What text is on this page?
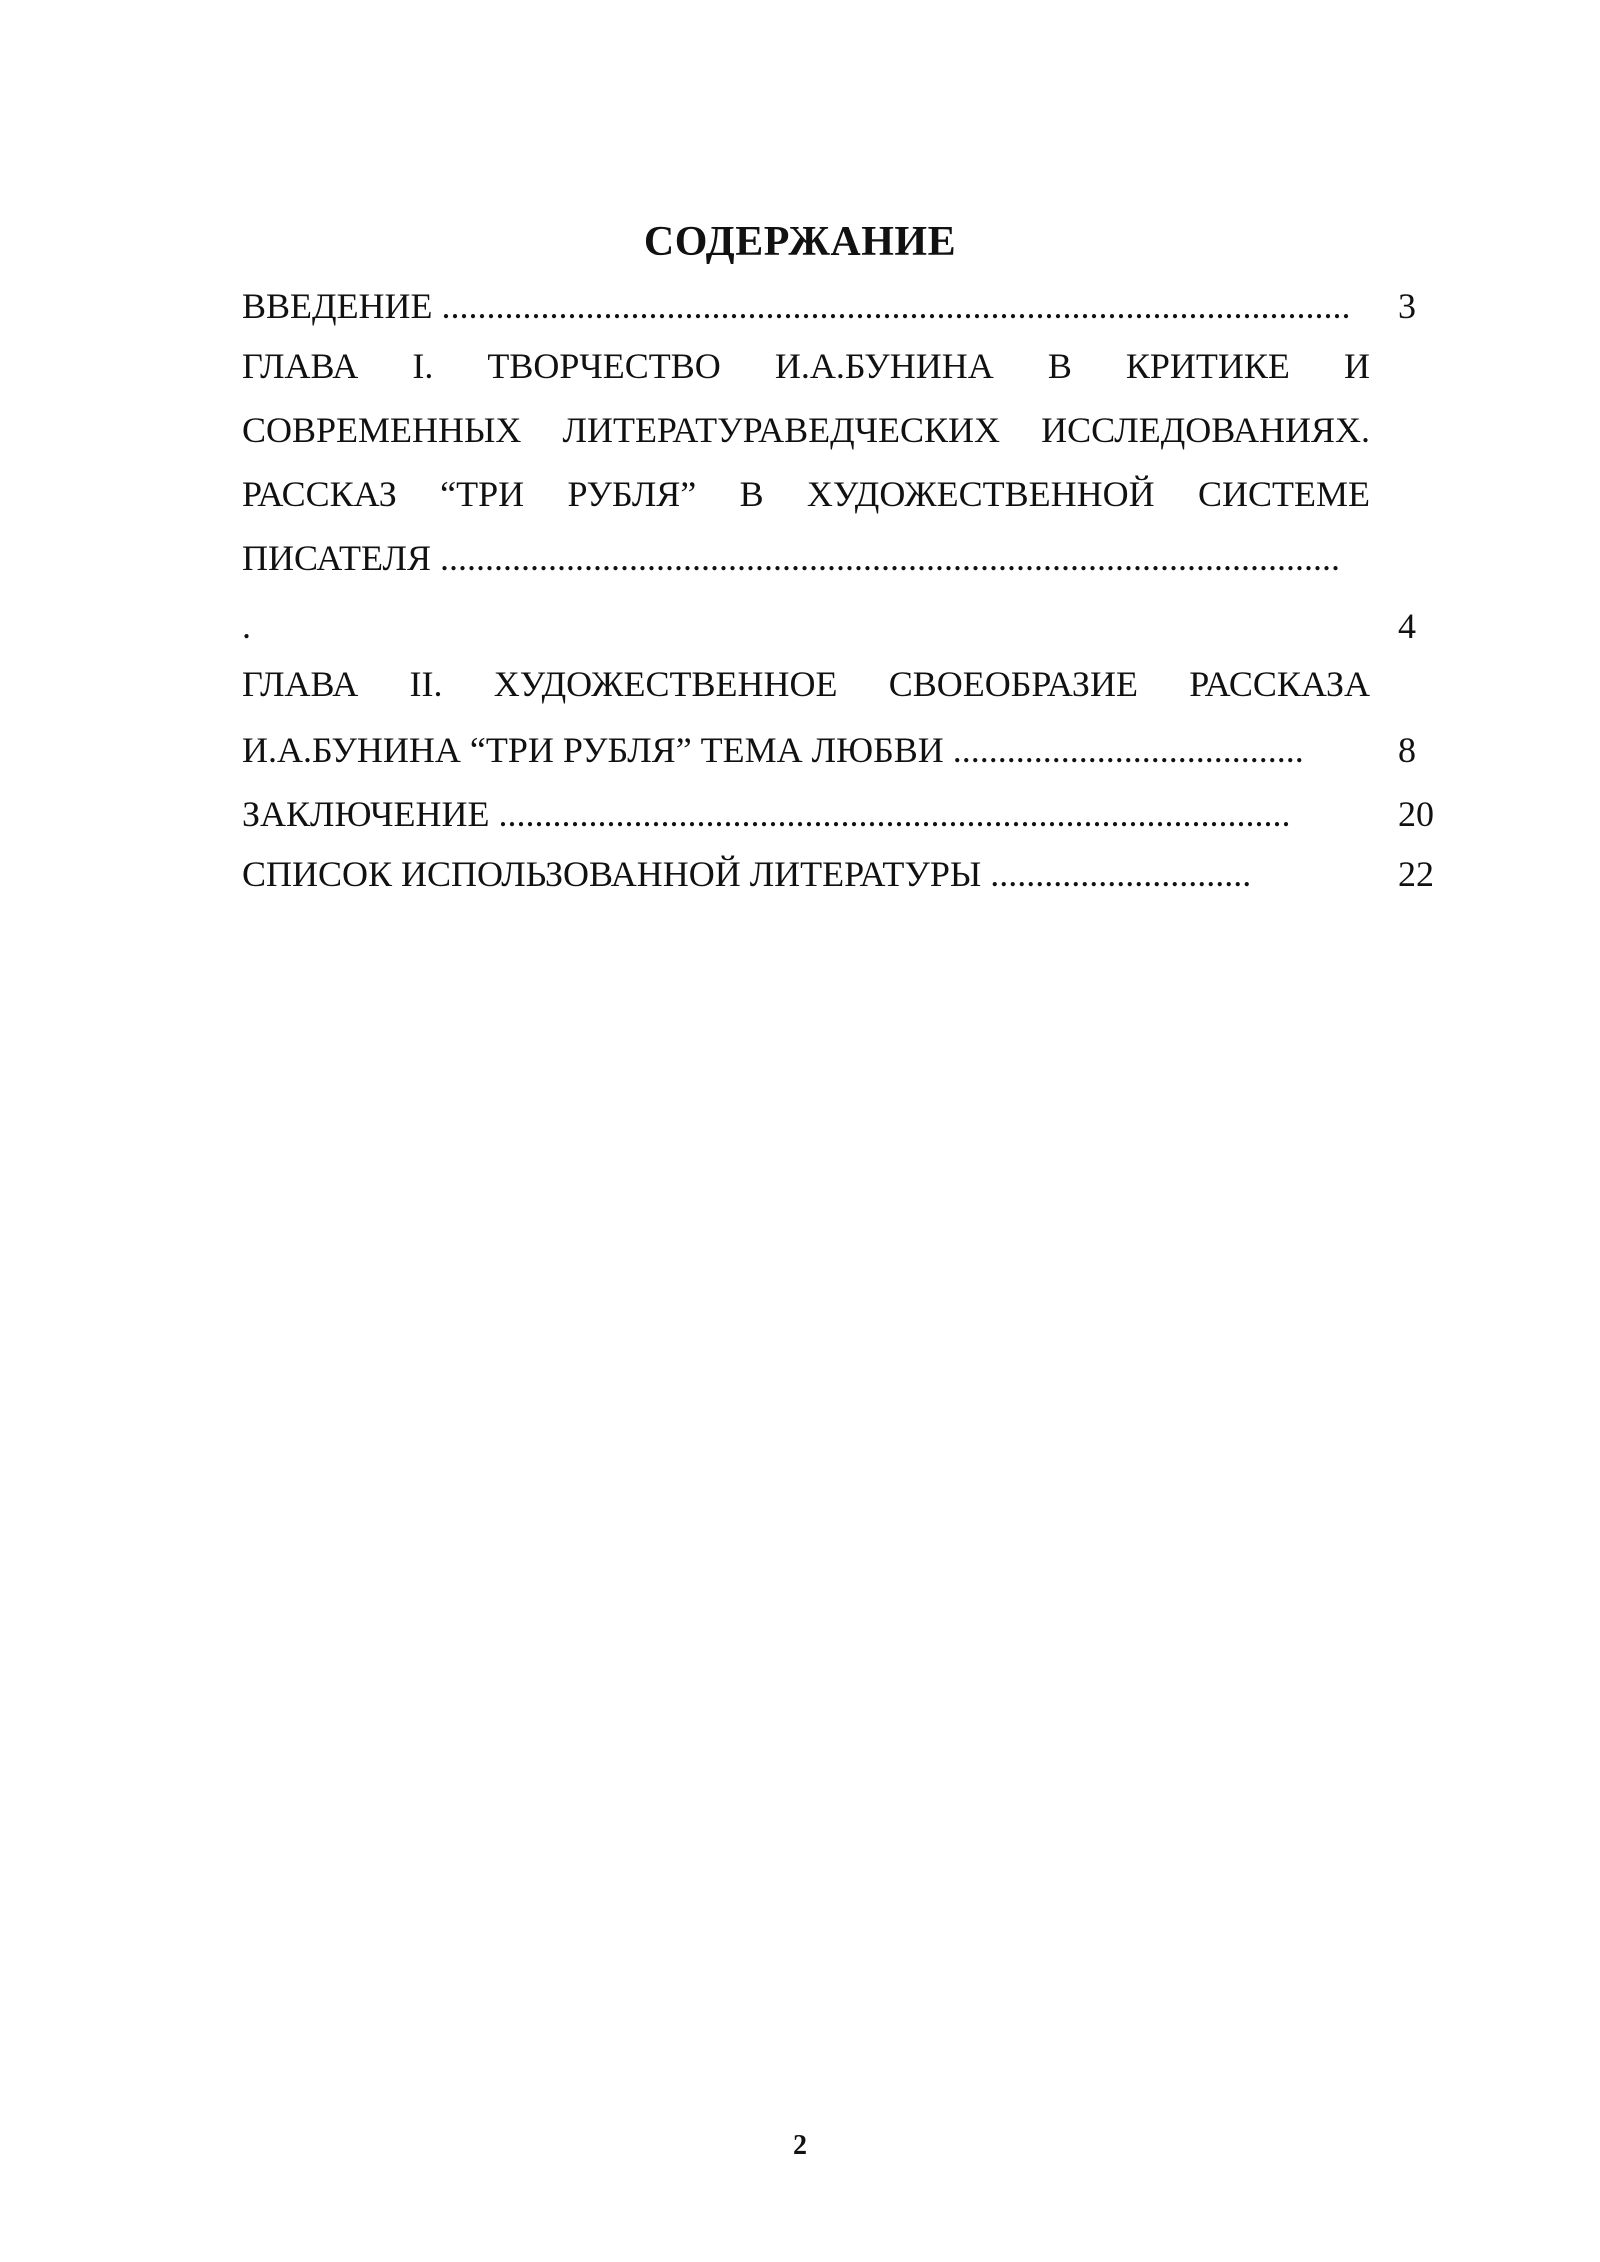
СОДЕРЖАНИЕ
ВВЕДЕНИЕ .....................................................................................................	3
ГЛАВА I. ТВОРЧЕСТВО И.А.БУНИНА В КРИТИКЕ И
СОВРЕМЕННЫХ ЛИТЕРАТУРАВЕДЧЕСКИХ ИССЛЕДОВАНИЯХ.
РАССКАЗ “ТРИ РУБЛЯ” В ХУДОЖЕСТВЕННОЙ СИСТЕМЕ
ПИСАТЕЛЯ ....................................................................................................
.	4
ГЛАВА II. ХУДОЖЕСТВЕННОЕ СВОЕОБРАЗИЕ РАССКАЗА
И.А.БУНИНА “ТРИ РУБЛЯ” ТЕМА ЛЮБВИ .......................................	8
ЗАКЛЮЧЕНИЕ ........................................................................................	20
СПИСОК ИСПОЛЬЗОВАННОЙ ЛИТЕРАТУРЫ .............................	22
2
